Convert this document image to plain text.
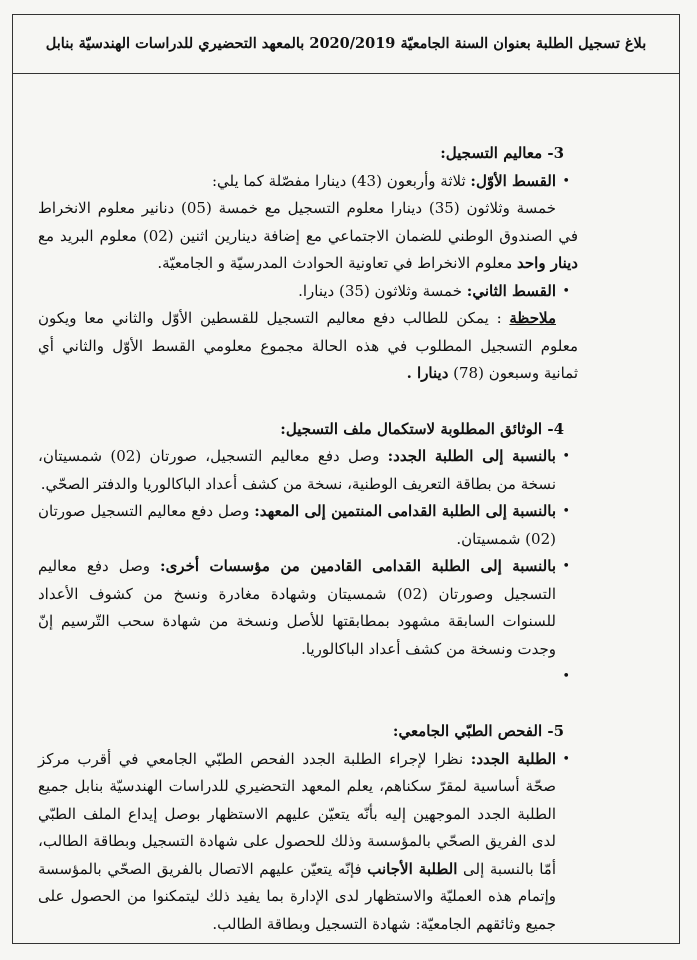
بلاغ تسجيل الطلبة بعنوان السنة الجامعيّة 2020/2019 بالمعهد التحضيري للدراسات الهندسيّة بنابل

3- معاليم التسجيل:

• القسط الأوّل: ثلاثة وأربعون (43) دينارا مفصّلة كما يلي:

خمسة وثلاثون (35) دينارا معلوم التسجيل مع خمسة (05) دنانير معلوم الانخراط في الصندوق الوطني للضمان الاجتماعي مع إضافة دينارين اثنين (02) معلوم البريد مع دينار واحد معلوم الانخراط في تعاونية الحوادث المدرسيّة و الجامعيّة.

• القسط الثاني: خمسة وثلاثون (35) دينارا.

ملاحظة : يمكن للطالب دفع معاليم التسجيل للقسطين الأوّل والثاني معا ويكون معلوم التسجيل المطلوب في هذه الحالة مجموع معلومي القسط الأوّل والثاني أي ثمانية وسبعون (78) دينارا .

4- الوثائق المطلوبة لاستكمال ملف التسجيل:

• بالنسبة إلى الطلبة الجدد: وصل دفع معاليم التسجيل، صورتان (02) شمسيتان، نسخة من بطاقة التعريف الوطنية، نسخة من كشف أعداد الباكالوريا والدفتر الصحّي.

• بالنسبة إلى الطلبة القدامى المنتمين إلى المعهد: وصل دفع معاليم التسجيل صورتان (02) شمسيتان.

• بالنسبة إلى الطلبة القدامى القادمين من مؤسسات أخرى: وصل دفع معاليم التسجيل وصورتان (02) شمسيتان وشهادة مغادرة ونسخ من كشوف الأعداد للسنوات السابقة مشهود بمطابقتها للأصل ونسخة من شهادة سحب التّرسيم إنّ وجدت ونسخة من كشف أعداد الباكالوريا.

•

5- الفحص الطبّي الجامعي:

• الطلبة الجدد: نظرا لإجراء الطلبة الجدد الفحص الطبّي الجامعي في أقرب مركز صحّة أساسية لمقرّ سكناهم، يعلم المعهد التحضيري للدراسات الهندسيّة بنابل جميع الطلبة الجدد الموجهين إليه بأنّه يتعيّن عليهم الاستظهار بوصل إيداع الملف الطبّي لدى الفريق الصحّي بالمؤسسة وذلك للحصول على شهادة التسجيل وبطاقة الطالب، أمّا بالنسبة إلى الطلبة الأجانب فإنّه يتعيّن عليهم الاتصال بالفريق الصحّي بالمؤسسة وإتمام هذه العمليّة والاستظهار لدى الإدارة بما يفيد ذلك ليتمكنوا من الحصول على جميع وثائقهم الجامعيّة: شهادة التسجيل وبطاقة الطالب.
